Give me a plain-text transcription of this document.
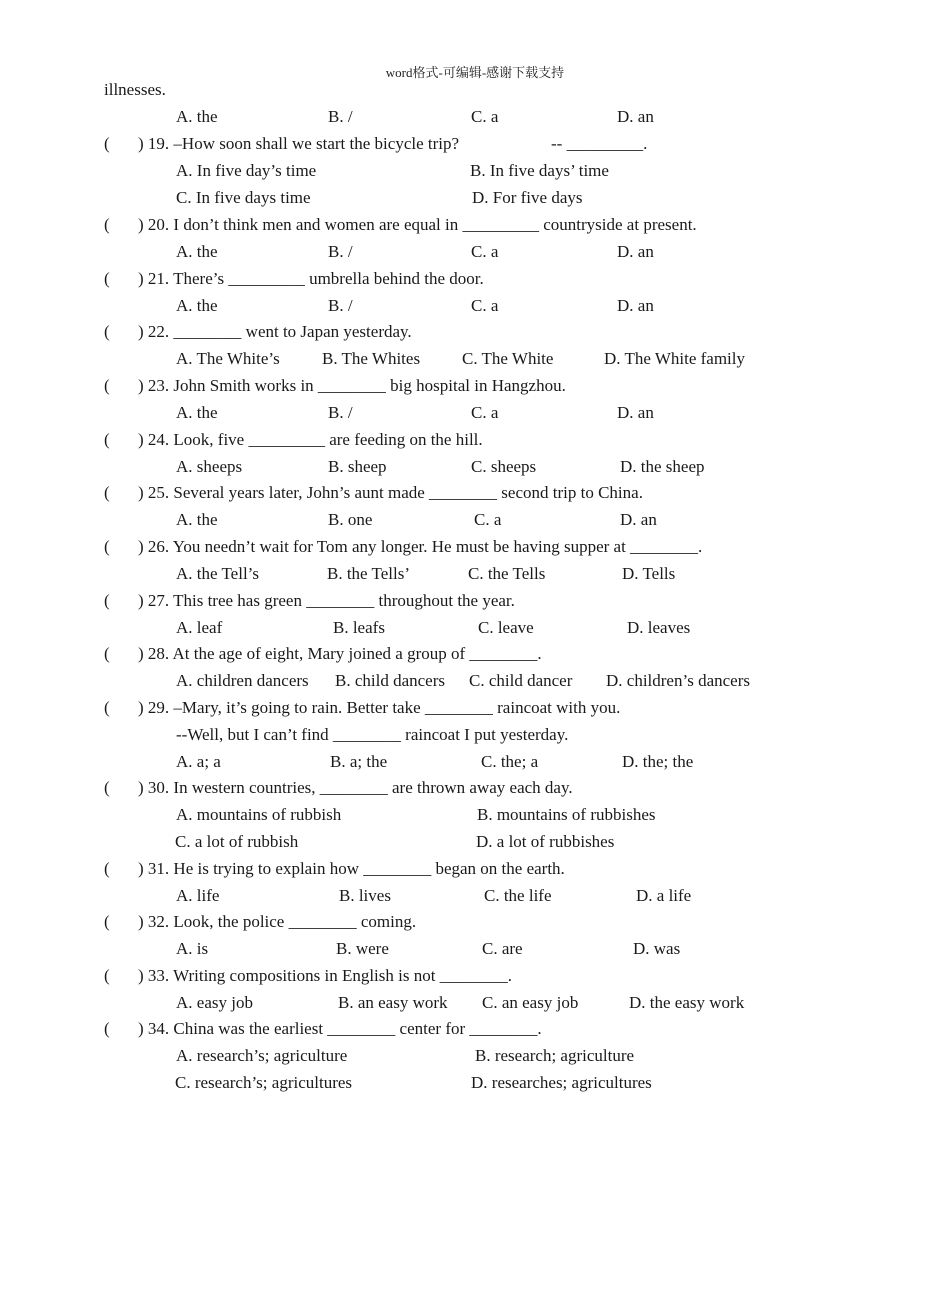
word格式-可编辑-感谢下载支持
illnesses.
A. the	B. /	C. a	D. an
( ) 19. –How soon shall we start the bicycle trip?	-- _________.
A. In five day’s time	B. In five days’ time
C. In five days time	D. For five days
( ) 20. I don’t think men and women are equal in _________ countryside at present.
A. the	B. /	C. a	D. an
( ) 21. There’s _________ umbrella behind the door.
A. the	B. /	C. a	D. an
( ) 22. ________ went to Japan yesterday.
A. The White’s B. The Whites C. The White	D. The White family
( ) 23. John Smith works in ________ big hospital in Hangzhou.
A. the	B. /	C. a	D. an
( ) 24. Look, five _________ are feeding on the hill.
A. sheeps	B. sheep	C. sheeps	D. the sheep
( ) 25. Several years later, John’s aunt made ________ second trip to China.
A. the	B. one	C. a	D. an
( ) 26. You needn’t wait for Tom any longer. He must be having supper at ________.
A. the Tell’s	B. the Tells’	C. the Tells	D. Tells
( ) 27. This tree has green ________ throughout the year.
A. leaf	B. leafs	C. leave	D. leaves
( ) 28. At the age of eight, Mary joined a group of ________.
A. children dancers B. child dancers C. child dancer D. children’s dancers
( ) 29. –Mary, it’s going to rain. Better take ________ raincoat with you.
--Well, but I can’t find ________ raincoat I put yesterday.
A. a; a	B. a; the	C. the; a	D. the; the
( ) 30. In western countries, ________ are thrown away each day.
A. mountains of rubbish	B. mountains of rubbishes
C. a lot of rubbish	D. a lot of rubbishes
( ) 31. He is trying to explain how ________ began on the earth.
A. life	B. lives	C. the life	D. a life
( ) 32. Look, the police ________ coming.
A. is	B. were	C. are	D. was
( ) 33. Writing compositions in English is not ________.
A. easy job	B. an easy work C. an easy job	D. the easy work
( ) 34. China was the earliest ________ center for ________.
A. research’s; agriculture	B. research; agriculture
C. research’s; agricultures	D. researches; agricultures
